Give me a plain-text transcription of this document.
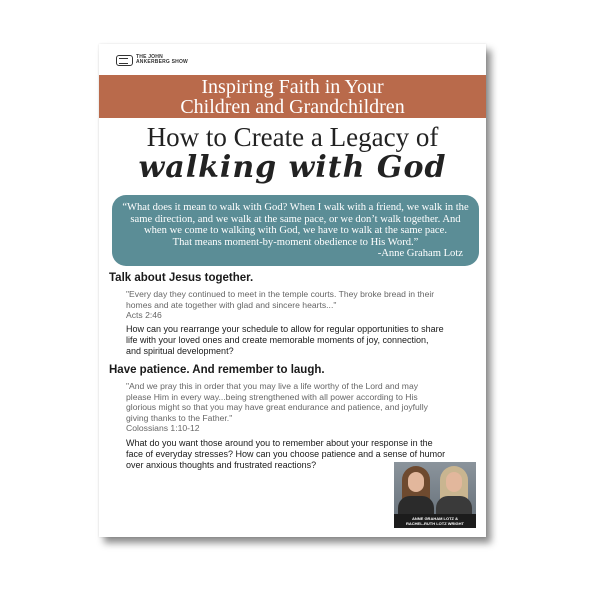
THE JOHN
ANKERBERG SHOW
Inspiring Faith in Your
Children and Grandchildren
How to Create a Legacy of
walking with God
“What does it mean to walk with God? When I walk with a friend, we walk in the
same direction, and we walk at the same pace, or we don’t walk together. And
when we come to walking with God, we have to walk at the same pace.
That means moment-by-moment obedience to His Word.”
-Anne Graham Lotz
Talk about Jesus together.
"Every day they continued to meet in the temple courts. They broke bread in their
homes and ate together with glad and sincere hearts..."
Acts 2:46
How can you rearrange your schedule to allow for regular opportunities to share
life with your loved ones and create memorable moments of joy, connection,
and spiritual development?
Have patience. And remember to laugh.
"And we pray this in order that you may live a life worthy of the Lord and may
please Him in every way...being strengthened with all power according to His
glorious might so that you may have great endurance and patience, and joyfully
giving thanks to the Father."
Colossians 1:10-12
What do you want those around you to remember about your response in the
face of everyday stresses? How can you choose patience and a sense of humor
over anxious thoughts and frustrated reactions?
ANNE GRAHAM LOTZ &
RACHEL-RUTH LOTZ WRIGHT
